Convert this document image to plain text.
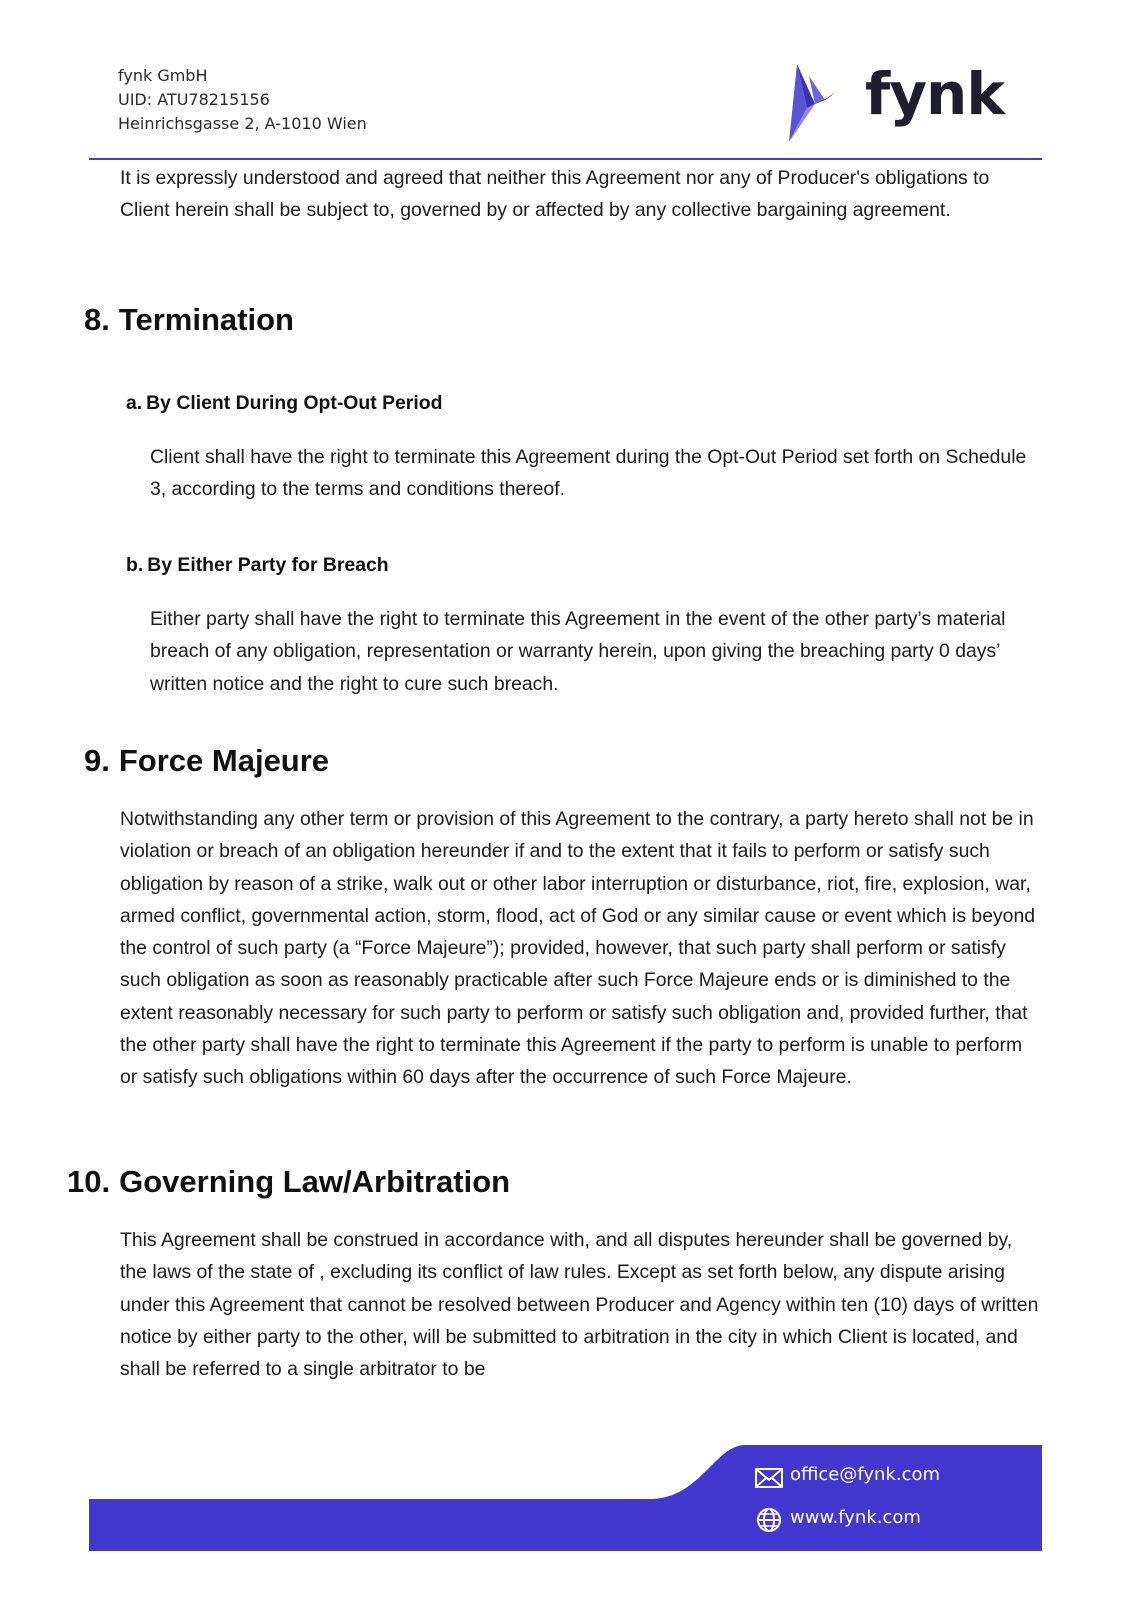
fynk GmbH
UID: ATU78215156
Heinrichsgasse 2, A-1010 Wien	fynk

It is expressly understood and agreed that neither this Agreement nor any of Producer's obligations to Client herein shall be subject to, governed by or affected by any collective bargaining agreement.

8. Termination
a. By Client During Opt-Out Period

Client shall have the right to terminate this Agreement during the Opt-Out Period set forth on Schedule 3, according to the terms and conditions thereof.

b. By Either Party for Breach

Either party shall have the right to terminate this Agreement in the event of the other party’s material breach of any obligation, representation or warranty herein, upon giving the breaching party 0 days’ written notice and the right to cure such breach.

9. Force Majeure

Notwithstanding any other term or provision of this Agreement to the contrary, a party hereto shall not be in violation or breach of an obligation hereunder if and to the extent that it fails to perform or satisfy such obligation by reason of a strike, walk out or other labor interruption or disturbance, riot, fire, explosion, war, armed conflict, governmental action, storm, flood, act of God or any similar cause or event which is beyond the control of such party (a “Force Majeure”); provided, however, that such party shall perform or satisfy such obligation as soon as reasonably practicable after such Force Majeure ends or is diminished to the extent reasonably necessary for such party to perform or satisfy such obligation and, provided further, that the other party shall have the right to terminate this Agreement if the party to perform is unable to perform or satisfy such obligations within 60 days after the occurrence of such Force Majeure.

10. Governing Law/Arbitration

This Agreement shall be construed in accordance with, and all disputes hereunder shall be governed by, the laws of the state of , excluding its conflict of law rules. Except as set forth below, any dispute arising under this Agreement that cannot be resolved between Producer and Agency within ten (10) days of written notice by either party to the other, will be submitted to arbitration in the city in which Client is located, and shall be referred to a single arbitrator to be

office@fynk.com
www.fynk.com
